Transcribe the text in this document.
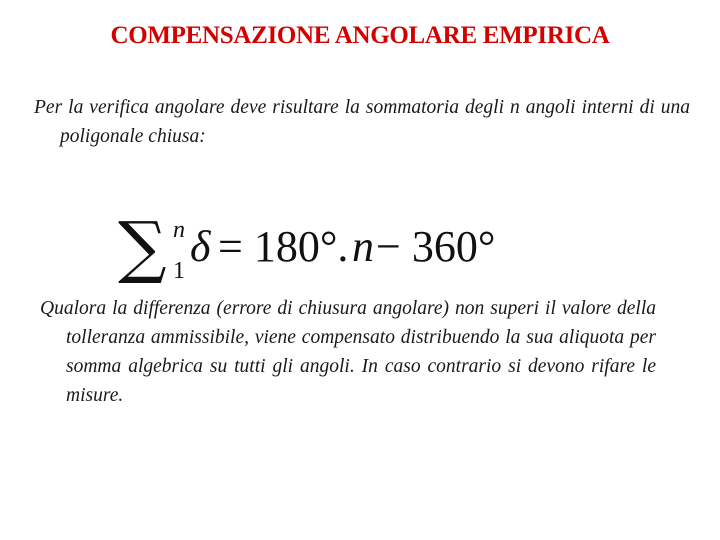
COMPENSAZIONE ANGOLARE EMPIRICA
Per la verifica angolare deve risultare la sommatoria degli n angoli interni di una poligonale chiusa:
∑ n
1 δ = 180°. n − 360°
Qualora la differenza (errore di chiusura angolare) non superi il valore della tolleranza ammissibile, viene compensato distribuendo la sua aliquota per somma algebrica su tutti gli angoli. In caso contrario si devono rifare le misure.
